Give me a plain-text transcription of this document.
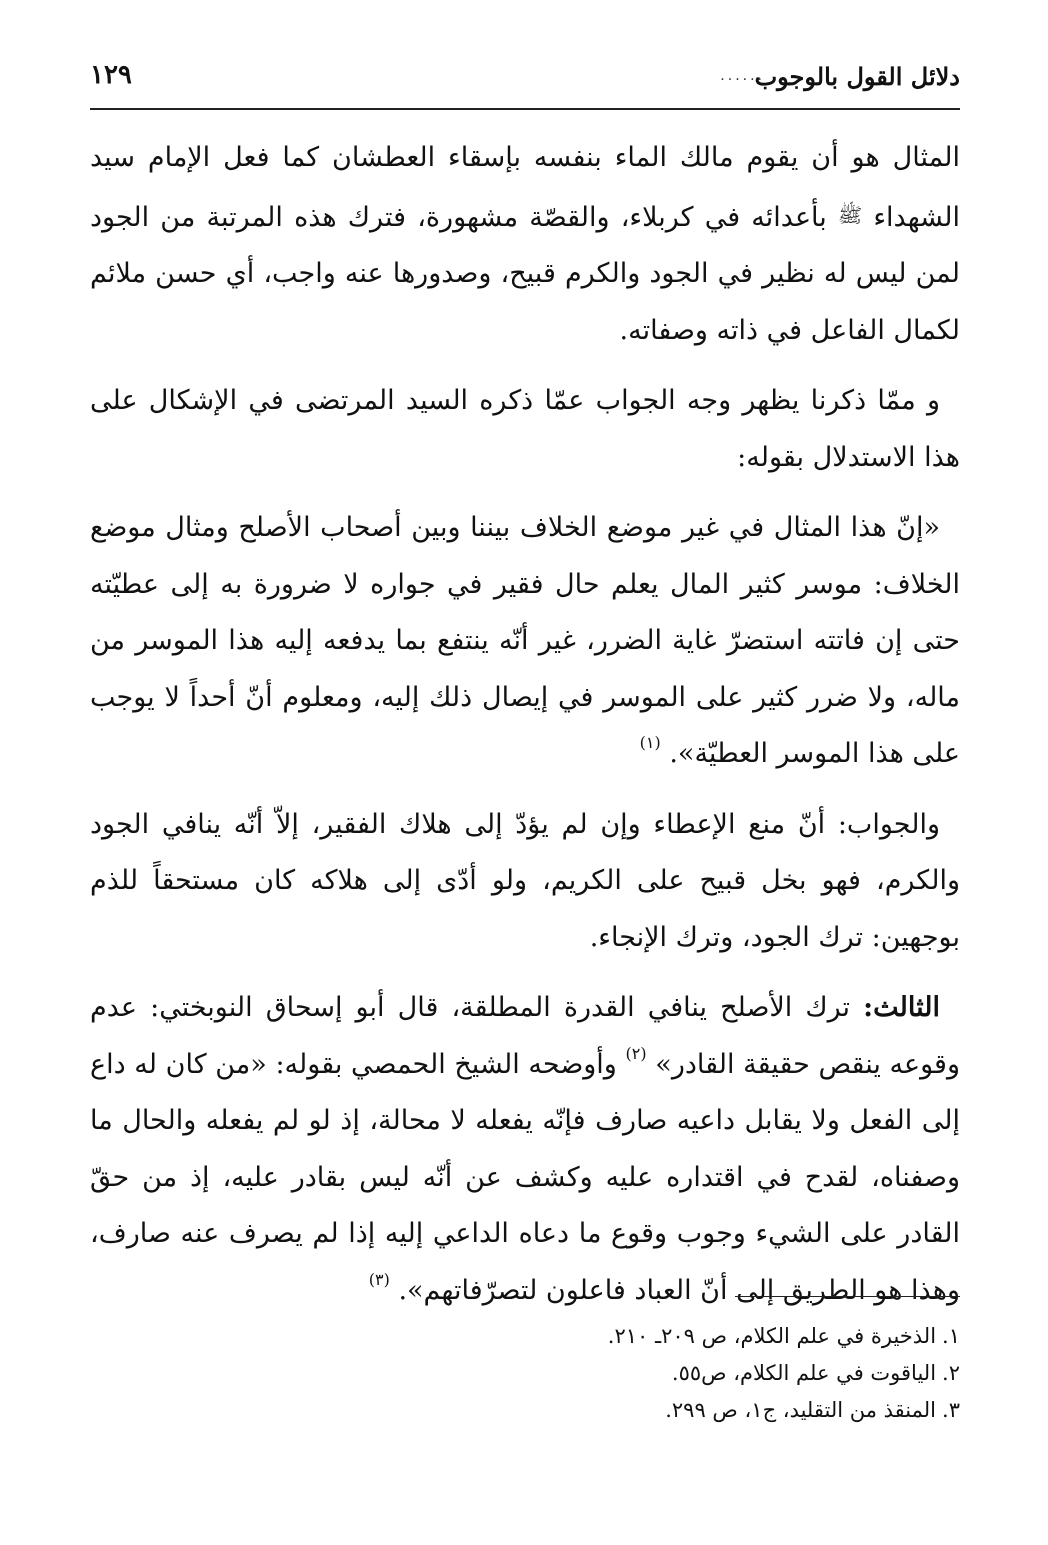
دلائل القول بالوجوب
......
١٢٩

المثال هو أن يقوم مالك الماء بنفسه بإسقاء العطشان كما فعل الإمام سيد الشهداء ﷺ بأعدائه في كربلاء، والقصّة مشهورة، فترك هذه المرتبة من الجود لمن ليس له نظير في الجود والكرم قبيح، وصدورها عنه واجب، أي حسن ملائم لكمال الفاعل في ذاته وصفاته.

و ممّا ذكرنا يظهر وجه الجواب عمّا ذكره السيد المرتضى في الإشكال على هذا الاستدلال بقوله:

«إنّ هذا المثال في غير موضع الخلاف بيننا وبين أصحاب الأصلح ومثال موضع الخلاف: موسر كثير المال يعلم حال فقير في جواره لا ضرورة به إلى عطيّته حتى إن فاتته استضرّ غاية الضرر، غير أنّه ينتفع بما يدفعه إليه هذا الموسر من ماله، ولا ضرر كثير على الموسر في إيصال ذلك إليه، ومعلوم أنّ أحداً لا يوجب على هذا الموسر العطيّة». $^{(١)}$

والجواب: أنّ منع الإعطاء وإن لم يؤدّ إلى هلاك الفقير، إلاّ أنّه ينافي الجود والكرم، فهو بخل قبيح على الكريم، ولو أدّى إلى هلاكه كان مستحقاً للذم بوجهين: ترك الجود، وترك الإنجاء.

الثالث: ترك الأصلح ينافي القدرة المطلقة، قال أبو إسحاق النوبختي: عدم وقوعه ينقص حقيقة القادر» $^{(٢)}$ وأوضحه الشيخ الحمصي بقوله: «من كان له داع إلى الفعل ولا يقابل داعيه صارف فإنّه يفعله لا محالة، إذ لو لم يفعله والحال ما وصفناه، لقدح في اقتداره عليه وكشف عن أنّه ليس بقادر عليه، إذ من حقّ القادر على الشيء وجوب وقوع ما دعاه الداعي إليه إذا لم يصرف عنه صارف، وهذا هو الطريق إلى أنّ العباد فاعلون لتصرّفاتهم». $^{(٣)}$

١.الذخيرة في علم الكلام، ص ٢٠٩ـ ٢١٠.
٢.الياقوت في علم الكلام، ص٥٥.
٣.المنقذ من التقليد، ج١، ص ٢٩٩.
